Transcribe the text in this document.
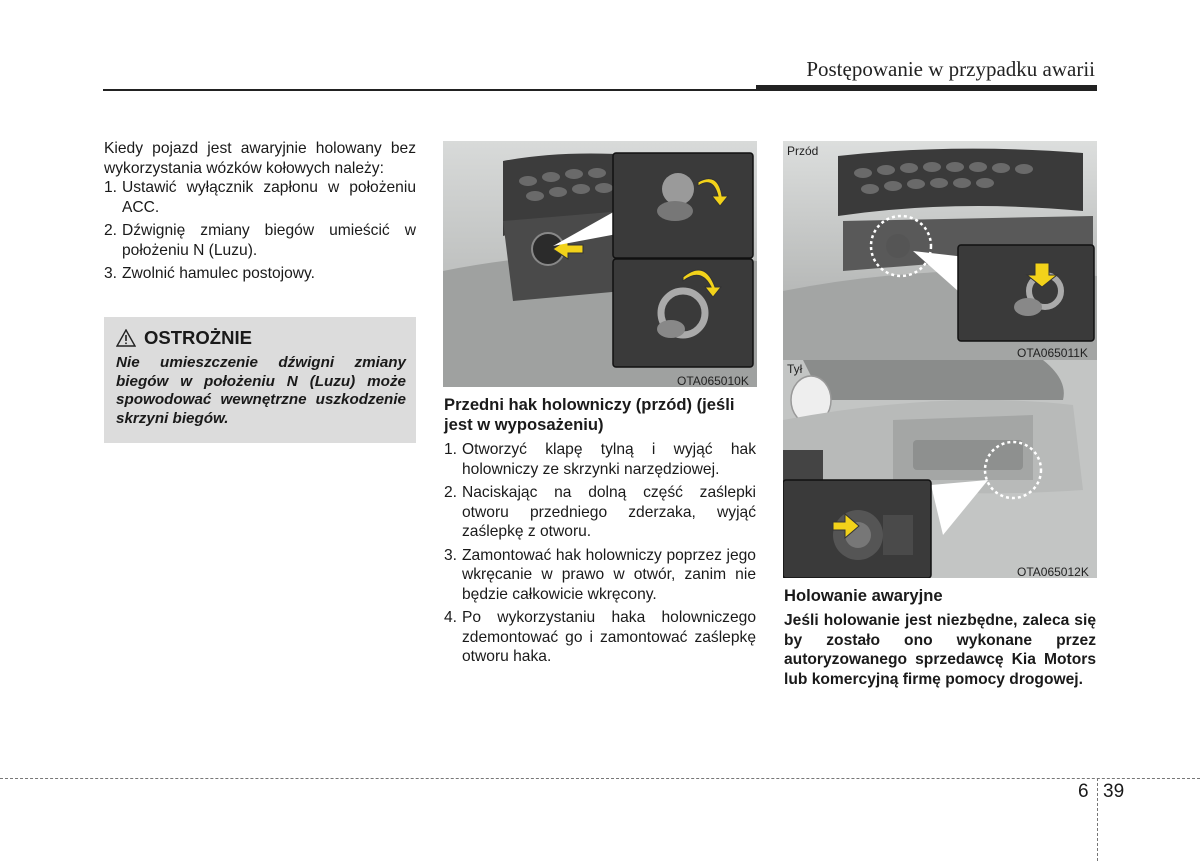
Postępowanie w przypadku awarii
Kiedy pojazd jest awaryjnie holowany bez wykorzystania wózków kołowych należy:
1. Ustawić wyłącznik zapłonu w położeniu ACC.
2. Dźwignię zmiany biegów umieścić w położeniu N (Luzu).
3. Zwolnić hamulec postojowy.
OSTROŻNIE
Nie umieszczenie dźwigni zmiany biegów w położeniu N (Luzu) może spowodować wewnętrzne uszkodzenie skrzyni biegów.
OTA065010K
Przedni hak holowniczy (przód) (jeśli jest w wyposażeniu)
1. Otworzyć klapę tylną i wyjąć hak holowniczy ze skrzynki narzędziowej.
2. Naciskając na dolną część zaślepki otworu przedniego zderzaka, wyjąć zaślepkę z otworu.
3. Zamontować hak holowniczy poprzez jego wkręcanie w prawo w otwór, zanim nie będzie całkowicie wkręcony.
4. Po wykorzystaniu haka holowniczego zdemontować go i zamontować zaślepkę otworu haka.
Przód
OTA065011K
Tył
OTA065012K
Holowanie awaryjne
Jeśli holowanie jest niezbędne, zaleca się by zostało ono wykonane przez autoryzowanego sprzedawcę Kia Motors lub komercyjną firmę pomocy drogowej.
6 39
